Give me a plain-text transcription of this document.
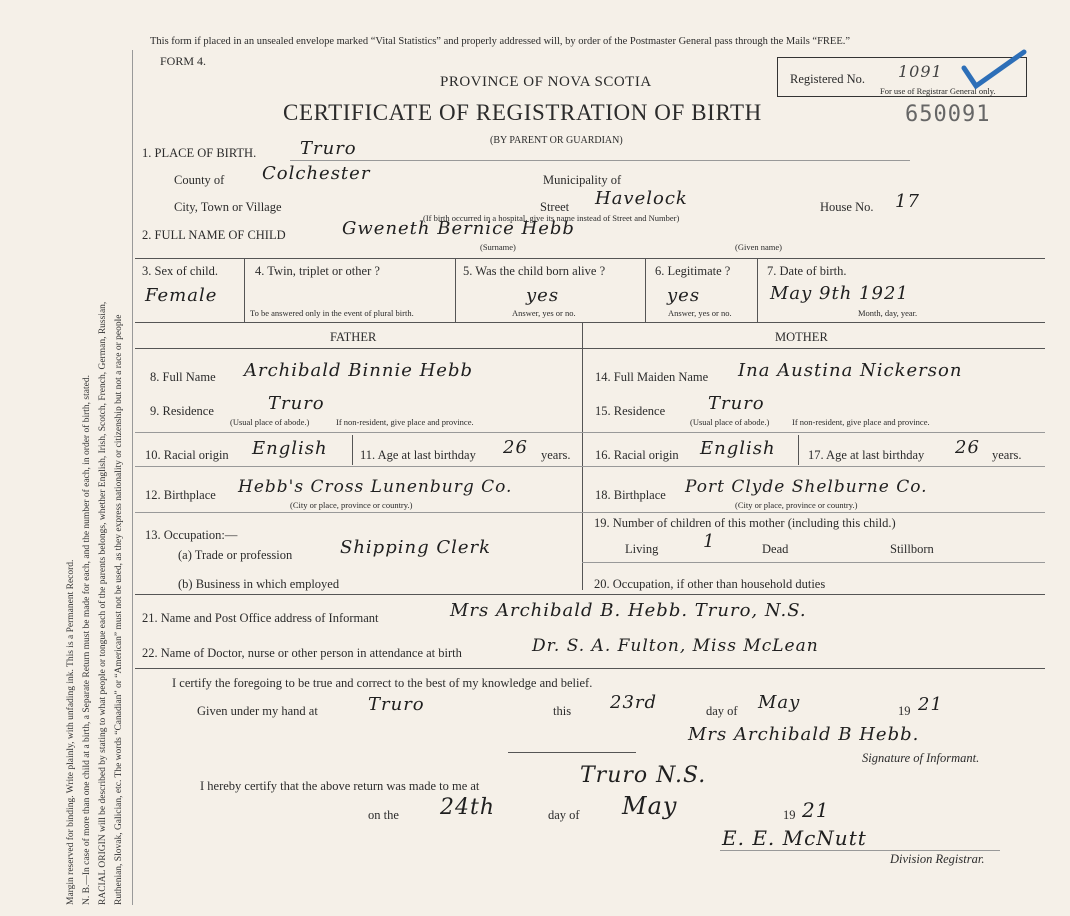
Margin reserved for binding. Write plainly, with unfading ink. This is a Permanent Record. N. B.—In case of more than one child at a birth, a Separate Return must be made for each, and the number of each, in order of birth, stated. RACIAL ORIGIN will be described by stating to what people or tongue each of the parents belongs, whether English, Irish, Scotch, French, German, Russian, Ruthenian, Slovak, Galician, etc. The words “Canadian” or “American” must not be used, as they express nationality or citizenship but not a race or people
This form if placed in an unsealed envelope marked “Vital Statistics” and properly addressed will, by order of the Postmaster General pass through the Mails “FREE.”
FORM 4.
PROVINCE OF NOVA SCOTIA
CERTIFICATE OF REGISTRATION OF BIRTH
(BY PARENT OR GUARDIAN)
Registered No. 1091
For use of Registrar General only.
650091
1. PLACE OF BIRTH. Truro
County of Colchester	Municipality of
City, Town or Village	Street Havelock	House No. 17
(If birth occurred in a hospital, give its name instead of Street and Number)
2. FULL NAME OF CHILD	Gweneth Bernice Hebb
(Surname)	(Given name)
3. Sex of child.
Female
4. Twin, triplet or other ?
To be answered only in the event of plural birth.
5. Was the child born alive ?
yes
Answer, yes or no.
6. Legitimate ?
yes
Answer, yes or no.
7. Date of birth.
May 9th 1921
Month, day, year.
FATHER	MOTHER
8. Full Name Archibald Binnie Hebb	14. Full Maiden Name Ina Austina Nickerson
9. Residence	Truro
(Usual place of abode.)	If non-resident, give place and province.
15. Residence Truro
(Usual place of abode.)	If non-resident, give place and province.
10. Racial origin English	11. Age at last birthday 26 years. 16. Racial origin English	17. Age at last birthday 26 years.
12. Birthplace Hebb's Cross Lunenburg Co.
(City or place, province or country.)
18. Birthplace Port Clyde Shelburne Co.
(City or place, province or country.)
13. Occupation:—
(a) Trade or profession	Shipping Clerk
(b) Business in which employed
19. Number of children of this mother (including this child.)
Living 1	Dead	Stillborn
20. Occupation, if other than household duties
21. Name and Post Office address of Informant	Mrs Archibald B. Hebb. Truro, N.S.
22. Name of Doctor, nurse or other person in attendance at birth	Dr. S. A. Fulton, Miss McLean
I certify the foregoing to be true and correct to the best of my knowledge and belief.
Given under my hand at	Truro	this 23rd	day of May	19 21
Mrs Archibald B Hebb.
Signature of Informant.
I hereby certify that the above return was made to me at	Truro N.S.
on the 24th	day of May	19 21
E. E. McNutt
Division Registrar.
